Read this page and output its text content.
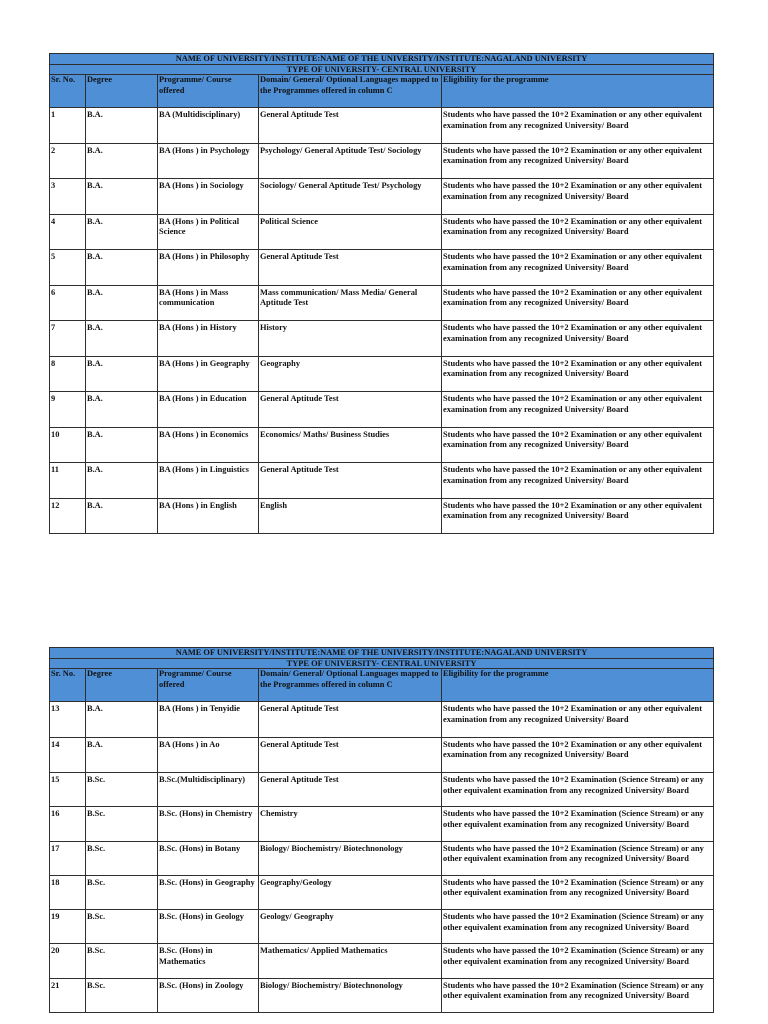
NAME OF UNIVERSITY/INSTITUTE:NAME OF THE UNIVERSITY/INSTITUTE:NAGALAND UNIVERSITY				
TYPE OF UNIVERSITY- CENTRAL UNIVERSITY				
Sr. No.	Degree	Programme/ Course offered	Domain/ General/ Optional Languages mapped to the Programmes offered in column C	Eligibility for the programme
1	B.A.	BA (Multidisciplinary)	General Aptitude Test	Students who have passed the 10+2 Examination or any other equivalent examination from any recognized University/ Board
2	B.A.	BA (Hons ) in Psychology	Psychology/ General Aptitude Test/ Sociology	Students who have passed the 10+2 Examination or any other equivalent examination from any recognized University/ Board
3	B.A.	BA (Hons ) in Sociology	Sociology/ General Aptitude Test/ Psychology	Students who have passed the 10+2 Examination or any other equivalent examination from any recognized University/ Board
4	B.A.	BA (Hons ) in Political Science	Political Science	Students who have passed the 10+2 Examination or any other equivalent examination from any recognized University/ Board
5	B.A.	BA (Hons ) in Philosophy	General Aptitude Test	Students who have passed the 10+2 Examination or any other equivalent examination from any recognized University/ Board
6	B.A.	BA (Hons ) in Mass communication	Mass communication/ Mass Media/ General Aptitude Test	Students who have passed the 10+2 Examination or any other equivalent examination from any recognized University/ Board
7	B.A.	BA (Hons ) in History	History	Students who have passed the 10+2 Examination or any other equivalent examination from any recognized University/ Board
8	B.A.	BA (Hons ) in Geography	Geography	Students who have passed the 10+2 Examination or any other equivalent examination from any recognized University/ Board
9	B.A.	BA (Hons ) in Education	General Aptitude Test	Students who have passed the 10+2 Examination or any other equivalent examination from any recognized University/ Board
10	B.A.	BA (Hons ) in Economics	Economics/ Maths/ Business Studies	Students who have passed the 10+2 Examination or any other equivalent examination from any recognized University/ Board
11	B.A.	BA (Hons ) in Linguistics	General Aptitude Test	Students who have passed the 10+2 Examination or any other equivalent examination from any recognized University/ Board
12	B.A.	BA (Hons ) in English	English	Students who have passed the 10+2 Examination or any other equivalent examination from any recognized University/ Board
NAME OF UNIVERSITY/INSTITUTE:NAME OF THE UNIVERSITY/INSTITUTE:NAGALAND UNIVERSITY				
TYPE OF UNIVERSITY- CENTRAL UNIVERSITY				
Sr. No.	Degree	Programme/ Course offered	Domain/ General/ Optional Languages mapped to the Programmes offered in column C	Eligibility for the programme
13	B.A.	BA (Hons ) in Tenyidie	General Aptitude Test	Students who have passed the 10+2 Examination or any other equivalent examination from any recognized University/ Board
14	B.A.	BA (Hons ) in Ao	General Aptitude Test	Students who have passed the 10+2 Examination or any other equivalent examination from any recognized University/ Board
15	B.Sc.	B.Sc.(Multidisciplinary)	General Aptitude Test	Students who have passed the 10+2 Examination (Science Stream) or any other equivalent examination from any recognized University/ Board
16	B.Sc.	B.Sc. (Hons) in Chemistry	Chemistry	Students who have passed the 10+2 Examination (Science Stream) or any other equivalent examination from any recognized University/ Board
17	B.Sc.	B.Sc. (Hons) in Botany	Biology/ Biochemistry/ Biotechnonology	Students who have passed the 10+2 Examination (Science Stream) or any other equivalent examination from any recognized University/ Board
18	B.Sc.	B.Sc. (Hons) in Geography	Geography/Geology	Students who have passed the 10+2 Examination (Science Stream) or any other equivalent examination from any recognized University/ Board
19	B.Sc.	B.Sc. (Hons) in Geology	Geology/ Geography	Students who have passed the 10+2 Examination (Science Stream) or any other equivalent examination from any recognized University/ Board
20	B.Sc.	B.Sc. (Hons) in Mathematics	Mathematics/ Applied Mathematics	Students who have passed the 10+2 Examination (Science Stream) or any other equivalent examination from any recognized University/ Board
21	B.Sc.	B.Sc. (Hons) in Zoology	Biology/ Biochemistry/ Biotechnonology	Students who have passed the 10+2 Examination (Science Stream) or any other equivalent examination from any recognized University/ Board
